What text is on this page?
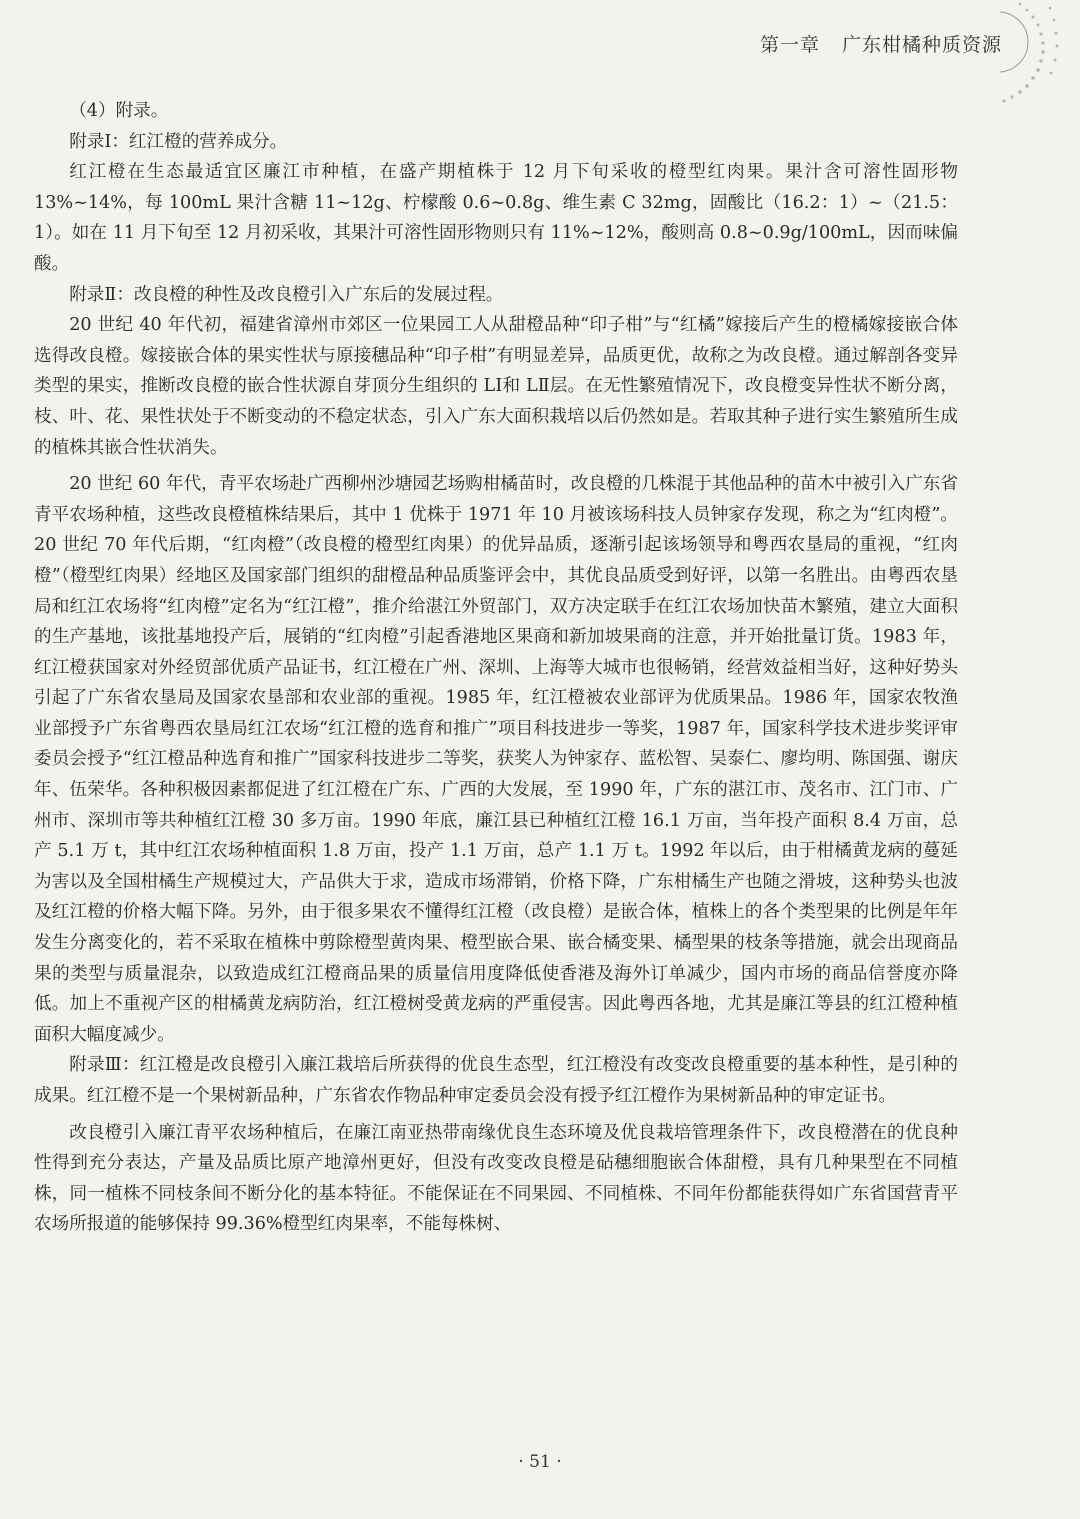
第一章 广东柑橘种质资源

（4）附录。

附录Ⅰ：红江橙的营养成分。

红江橙在生态最适宜区廉江市种植，在盛产期植株于 12 月下旬采收的橙型红肉果。果汁含可溶性固形物 13%~14%，每 100mL 果汁含糖 11~12g、柠檬酸 0.6~0.8g、维生素 C 32mg，固酸比（16.2：1）~（21.5：1）。如在 11 月下旬至 12 月初采收，其果汁可溶性固形物则只有 11%~12%，酸则高 0.8~0.9g/100mL，因而味偏酸。

附录Ⅱ：改良橙的种性及改良橙引入广东后的发展过程。

20 世纪 40 年代初，福建省漳州市郊区一位果园工人从甜橙品种“印子柑”与“红橘”嫁接后产生的橙橘嫁接嵌合体选得改良橙。嫁接嵌合体的果实性状与原接穗品种“印子柑”有明显差异，品质更优，故称之为改良橙。通过解剖各变异类型的果实，推断改良橙的嵌合性状源自芽顶分生组织的 LⅠ和 LⅡ层。在无性繁殖情况下，改良橙变异性状不断分离，枝、叶、花、果性状处于不断变动的不稳定状态，引入广东大面积栽培以后仍然如是。若取其种子进行实生繁殖所生成的植株其嵌合性状消失。

20 世纪 60 年代，青平农场赴广西柳州沙塘园艺场购柑橘苗时，改良橙的几株混于其他品种的苗木中被引入广东省青平农场种植，这些改良橙植株结果后，其中 1 优株于 1971 年 10 月被该场科技人员钟家存发现，称之为“红肉橙”。20 世纪 70 年代后期，“红肉橙”（改良橙的橙型红肉果）的优异品质，逐渐引起该场领导和粤西农垦局的重视，“红肉橙”（橙型红肉果）经地区及国家部门组织的甜橙品种品质鉴评会中，其优良品质受到好评，以第一名胜出。由粤西农垦局和红江农场将“红肉橙”定名为“红江橙”，推介给湛江外贸部门，双方决定联手在红江农场加快苗木繁殖，建立大面积的生产基地，该批基地投产后，展销的“红肉橙”引起香港地区果商和新加坡果商的注意，并开始批量订货。1983 年，红江橙获国家对外经贸部优质产品证书，红江橙在广州、深圳、上海等大城市也很畅销，经营效益相当好，这种好势头引起了广东省农垦局及国家农垦部和农业部的重视。1985 年，红江橙被农业部评为优质果品。1986 年，国家农牧渔业部授予广东省粤西农垦局红江农场“红江橙的选育和推广”项目科技进步一等奖，1987 年，国家科学技术进步奖评审委员会授予“红江橙品种选育和推广”国家科技进步二等奖，获奖人为钟家存、蓝松智、吴泰仁、廖均明、陈国强、谢庆年、伍荣华。各种积极因素都促进了红江橙在广东、广西的大发展，至 1990 年，广东的湛江市、茂名市、江门市、广州市、深圳市等共种植红江橙 30 多万亩。1990 年底，廉江县已种植红江橙 16.1 万亩，当年投产面积 8.4 万亩，总产 5.1 万 t，其中红江农场种植面积 1.8 万亩，投产 1.1 万亩，总产 1.1 万 t。1992 年以后，由于柑橘黄龙病的蔓延为害以及全国柑橘生产规模过大，产品供大于求，造成市场滞销，价格下降，广东柑橘生产也随之滑坡，这种势头也波及红江橙的价格大幅下降。另外，由于很多果农不懂得红江橙（改良橙）是嵌合体，植株上的各个类型果的比例是年年发生分离变化的，若不采取在植株中剪除橙型黄肉果、橙型嵌合果、嵌合橘变果、橘型果的枝条等措施，就会出现商品果的类型与质量混杂，以致造成红江橙商品果的质量信用度降低使香港及海外订单减少，国内市场的商品信誉度亦降低。加上不重视产区的柑橘黄龙病防治，红江橙树受黄龙病的严重侵害。因此粤西各地，尤其是廉江等县的红江橙种植面积大幅度减少。

附录Ⅲ：红江橙是改良橙引入廉江栽培后所获得的优良生态型，红江橙没有改变改良橙重要的基本种性，是引种的成果。红江橙不是一个果树新品种，广东省农作物品种审定委员会没有授予红江橙作为果树新品种的审定证书。

改良橙引入廉江青平农场种植后，在廉江南亚热带南缘优良生态环境及优良栽培管理条件下，改良橙潜在的优良种性得到充分表达，产量及品质比原产地漳州更好，但没有改变改良橙是砧穗细胞嵌合体甜橙，具有几种果型在不同植株，同一植株不同枝条间不断分化的基本特征。不能保证在不同果园、不同植株、不同年份都能获得如广东省国营青平农场所报道的能够保持 99.36%橙型红肉果率，不能每株树、

· 51 ·
